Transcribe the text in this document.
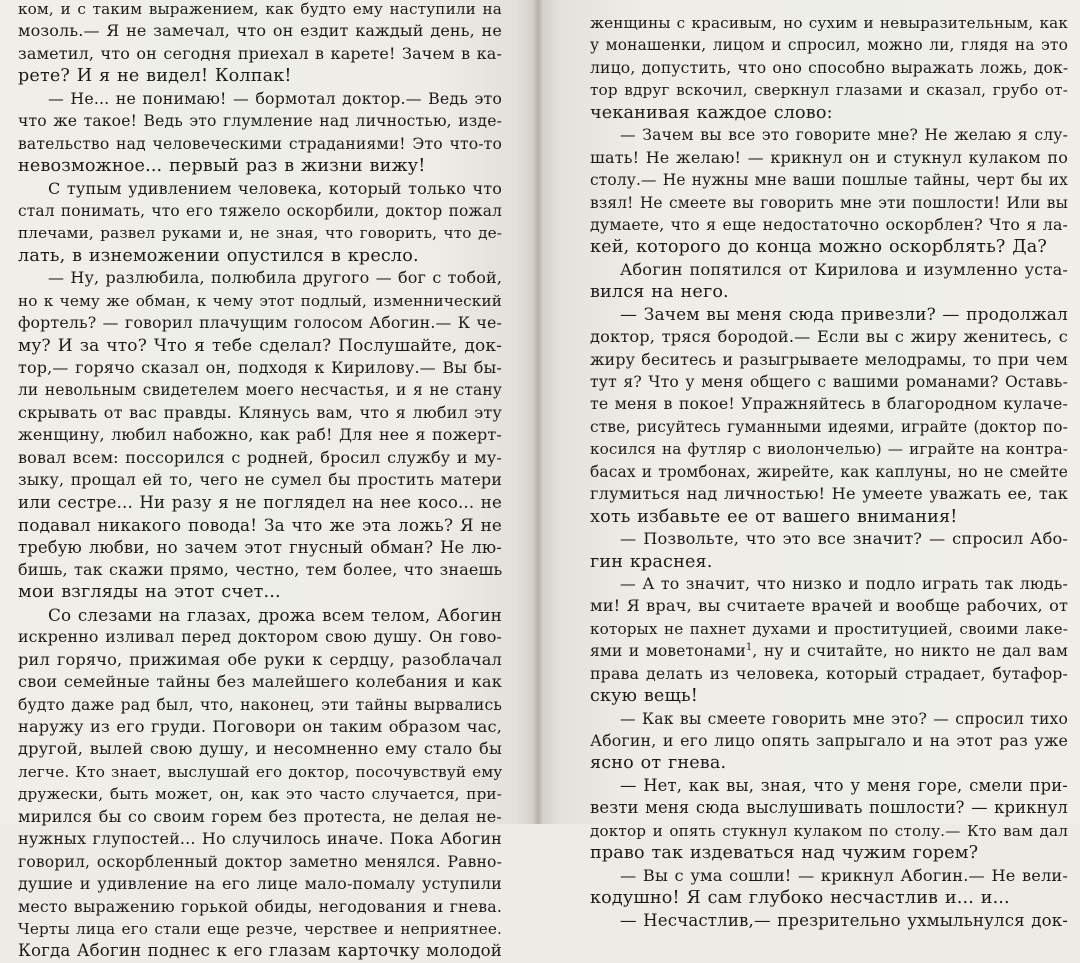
ком, и с таким выражением, как будто ему наступили на
мозоль.— Я не замечал, что он ездит каждый день, не
заметил, что он сегодня приехал в карете! Зачем в ка-
рете? И я не видел! Колпак!
— Не... не понимаю! — бормотал доктор.— Ведь это
что же такое! Ведь это глумление над личностью, изде-
вательство над человеческими страданиями! Это что-то
невозможное... первый раз в жизни вижу!
С тупым удивлением человека, который только что
стал понимать, что его тяжело оскорбили, доктор пожал
плечами, развел руками и, не зная, что говорить, что де-
лать, в изнеможении опустился в кресло.
— Ну, разлюбила, полюбила другого — бог с тобой,
но к чему же обман, к чему этот подлый, изменнический
фортель? — говорил плачущим голосом Абогин.— К че-
му? И за что? Что я тебе сделал? Послушайте, док-
тор,— горячо сказал он, подходя к Кирилову.— Вы бы-
ли невольным свидетелем моего несчастья, и я не стану
скрывать от вас правды. Клянусь вам, что я любил эту
женщину, любил набожно, как раб! Для нее я пожерт-
вовал всем: поссорился с родней, бросил службу и му-
зыку, прощал ей то, чего не сумел бы простить матери
или сестре... Ни разу я не поглядел на нее косо... не
подавал никакого повода! За что же эта ложь? Я не
требую любви, но зачем этот гнусный обман? Не лю-
бишь, так скажи прямо, честно, тем более, что знаешь
мои взгляды на этот счет...
Со слезами на глазах, дрожа всем телом, Абогин
искренно изливал перед доктором свою душу. Он гово-
рил горячо, прижимая обе руки к сердцу, разоблачал
свои семейные тайны без малейшего колебания и как
будто даже рад был, что, наконец, эти тайны вырвались
наружу из его груди. Поговори он таким образом час,
другой, вылей свою душу, и несомненно ему стало бы
легче. Кто знает, выслушай его доктор, посочувствуй ему
дружески, быть может, он, как это часто случается, при-
мирился бы со своим горем без протеста, не делая не-
нужных глупостей... Но случилось иначе. Пока Абогин
говорил, оскорбленный доктор заметно менялся. Равно-
душие и удивление на его лице мало-помалу уступили
место выражению горькой обиды, негодования и гнева.
Черты лица его стали еще резче, черствее и неприятнее.
Когда Абогин поднес к его глазам карточку молодой
женщины с красивым, но сухим и невыразительным, как
у монашенки, лицом и спросил, можно ли, глядя на это
лицо, допустить, что оно способно выражать ложь, док-
тор вдруг вскочил, сверкнул глазами и сказал, грубо от-
чеканивая каждое слово:
— Зачем вы все это говорите мне? Не желаю я слу-
шать! Не желаю! — крикнул он и стукнул кулаком по
столу.— Не нужны мне ваши пошлые тайны, черт бы их
взял! Не смеете вы говорить мне эти пошлости! Или вы
думаете, что я еще недостаточно оскорблен? Что я ла-
кей, которого до конца можно оскорблять? Да?
Абогин попятился от Кирилова и изумленно уста-
вился на него.
— Зачем вы меня сюда привезли? — продолжал
доктор, тряся бородой.— Если вы с жиру женитесь, с
жиру беситесь и разыгрываете мелодрамы, то при чем
тут я? Что у меня общего с вашими романами? Оставь-
те меня в покое! Упражняйтесь в благородном кулаче-
стве, рисуйтесь гуманными идеями, играйте (доктор по-
косился на футляр с виолончелью) — играйте на контра-
басах и тромбонах, жирейте, как каплуны, но не смейте
глумиться над личностью! Не умеете уважать ее, так
хоть избавьте ее от вашего внимания!
— Позвольте, что это все значит? — спросил Або-
гин краснея.
— А то значит, что низко и подло играть так людь-
ми! Я врач, вы считаете врачей и вообще рабочих, от
которых не пахнет духами и проституцией, своими лаке-
ями и моветонами$^1$, ну и считайте, но никто не дал вам
права делать из человека, который страдает, бутафор-
скую вещь!
— Как вы смеете говорить мне это? — спросил тихо
Абогин, и его лицо опять запрыгало и на этот раз уже
ясно от гнева.
— Нет, как вы, зная, что у меня горе, смели при-
везти меня сюда выслушивать пошлости? — крикнул
доктор и опять стукнул кулаком по столу.— Кто вам дал
право так издеваться над чужим горем?
— Вы с ума сошли! — крикнул Абогин.— Не вели-
кодушно! Я сам глубоко несчастлив и... и...
— Несчастлив,— презрительно ухмыльнулся док-
